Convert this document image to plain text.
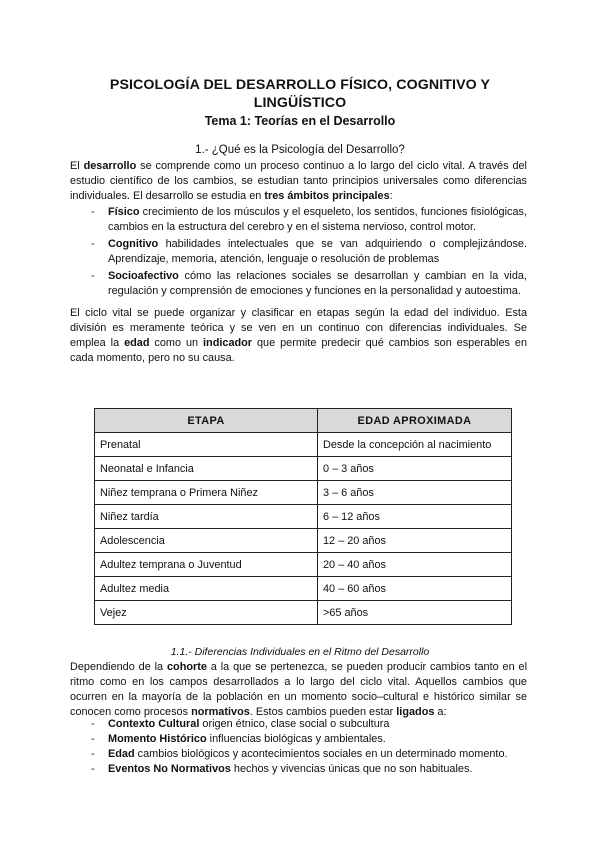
PSICOLOGÍA DEL DESARROLLO FÍSICO, COGNITIVO Y
LINGÜÍSTICO
Tema 1: Teorías en el Desarrollo
1.- ¿Qué es la Psicología del Desarrollo?

El desarrollo se comprende como un proceso continuo a lo largo del ciclo vital. A través del estudio científico de los cambios, se estudian tanto principios universales como diferencias individuales. El desarrollo se estudia en tres ámbitos principales:

- Físico crecimiento de los músculos y el esqueleto, los sentidos, funciones fisiológicas, cambios en la estructura del cerebro y en el sistema nervioso, control motor.
- Cognitivo habilidades intelectuales que se van adquiriendo o complejizándose. Aprendizaje, memoria, atención, lenguaje o resolución de problemas
- Socioafectivo cómo las relaciones sociales se desarrollan y cambian en la vida, regulación y comprensión de emociones y funciones en la personalidad y autoestima.

El ciclo vital se puede organizar y clasificar en etapas según la edad del individuo. Esta división es meramente teórica y se ven en un continuo con diferencias individuales. Se emplea la edad como un indicador que permite predecir qué cambios son esperables en cada momento, pero no su causa.

ETAPA	EDAD APROXIMADA
Prenatal	Desde la concepción al nacimiento
Neonatal e Infancia	0 – 3 años
Niñez temprana o Primera Niñez	3 – 6 años
Niñez tardía	6 – 12 años
Adolescencia	12 – 20 años
Adultez temprana o Juventud	20 – 40 años
Adultez media	40 – 60 años
Vejez	>65 años
1.1.- Diferencias Individuales en el Ritmo del Desarrollo

Dependiendo de la cohorte a la que se pertenezca, se pueden producir cambios tanto en el ritmo como en los campos desarrollados a lo largo del ciclo vital. Aquellos cambios que ocurren en la mayoría de la población en un momento socio–cultural e histórico similar se conocen como procesos normativos. Estos cambios pueden estar ligados a:

- Contexto Cultural origen étnico, clase social o subcultura
- Momento Histórico influencias biológicas y ambientales.
- Edad cambios biológicos y acontecimientos sociales en un determinado momento.
- Eventos No Normativos hechos y vivencias únicas que no son habituales.
